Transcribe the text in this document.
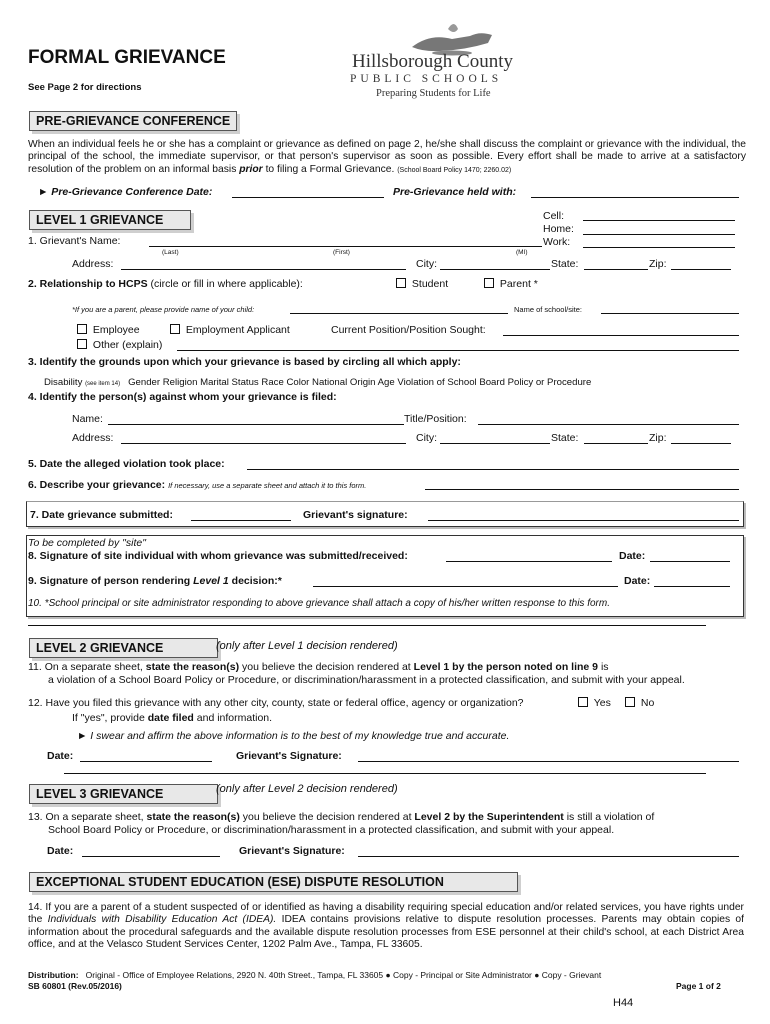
FORMAL GRIEVANCE
See Page 2 for directions
Hillsborough County
PUBLIC SCHOOLS
Preparing Students for Life
PRE-GRIEVANCE CONFERENCE
When an individual feels he or she has a complaint or grievance as defined on page 2, he/she shall discuss the complaint or grievance with the individual, the principal of the school, the immediate supervisor, or that person's supervisor as soon as possible. Every effort shall be made to arrive at a satisfactory resolution of the problem on an informal basis prior to filing a Formal Grievance. (School Board Policy 1470; 2260.02)
► Pre-Grievance Conference Date:	Pre-Grievance held with:
LEVEL 1 GRIEVANCE	Cell:
Home:
Work:
1. Grievant's Name:
(Last)	(First)	(MI)
Address:	City:	State:	Zip:
2. Relationship to HCPS (circle or fill in where applicable):	Student	Parent *
*If you are a parent, please provide name of your child:	Name of school/site:
Employee	Employment Applicant	Current Position/Position Sought:
Other (explain)
3. Identify the grounds upon which your grievance is based by circling all which apply:
Disability (see item 14) Gender Religion Marital Status Race Color National Origin Age Violation of School Board Policy or Procedure
4. Identify the person(s) against whom your grievance is filed:
Name:	Title/Position:
Address:	City:	State:	Zip:
5. Date the alleged violation took place:
6. Describe your grievance: If necessary, use a separate sheet and attach it to this form.
7. Date grievance submitted:	Grievant's signature:
To be completed by "site"
8. Signature of site individual with whom grievance was submitted/received:	Date:
9. Signature of person rendering Level 1 decision:*	Date:
10. *School principal or site administrator responding to above grievance shall attach a copy of his/her written response to this form.
LEVEL 2 GRIEVANCE	(only after Level 1 decision rendered)
11. On a separate sheet, state the reason(s) you believe the decision rendered at Level 1 by the person noted on line 9 is
a violation of a School Board Policy or Procedure, or discrimination/harassment in a protected classification, and submit with your appeal.
12. Have you filed this grievance with any other city, county, state or federal office, agency or organization?	Yes	No
If "yes", provide date filed and information.
► I swear and affirm the above information is to the best of my knowledge true and accurate.
Date:	Grievant's Signature:
LEVEL 3 GRIEVANCE	(only after Level 2 decision rendered)
13. On a separate sheet, state the reason(s) you believe the decision rendered at Level 2 by the Superintendent is still a violation of
School Board Policy or Procedure, or discrimination/harassment in a protected classification, and submit with your appeal.
Date:	Grievant's Signature:
EXCEPTIONAL STUDENT EDUCATION (ESE) DISPUTE RESOLUTION
14. If you are a parent of a student suspected of or identified as having a disability requiring special education and/or related services, you have rights under the Individuals with Disability Education Act (IDEA). IDEA contains provisions relative to dispute resolution processes. Parents may obtain copies of information about the procedural safeguards and the available dispute resolution processes from ESE personnel at their child's school, at each District Area office, and at the Velasco Student Services Center, 1202 Palm Ave., Tampa, FL 33605.
Distribution: Original - Office of Employee Relations, 2920 N. 40th Street., Tampa, FL 33605 ● Copy - Principal or Site Administrator ● Copy - Grievant
SB 60801 (Rev.05/2016)	Page 1 of 2
H44
